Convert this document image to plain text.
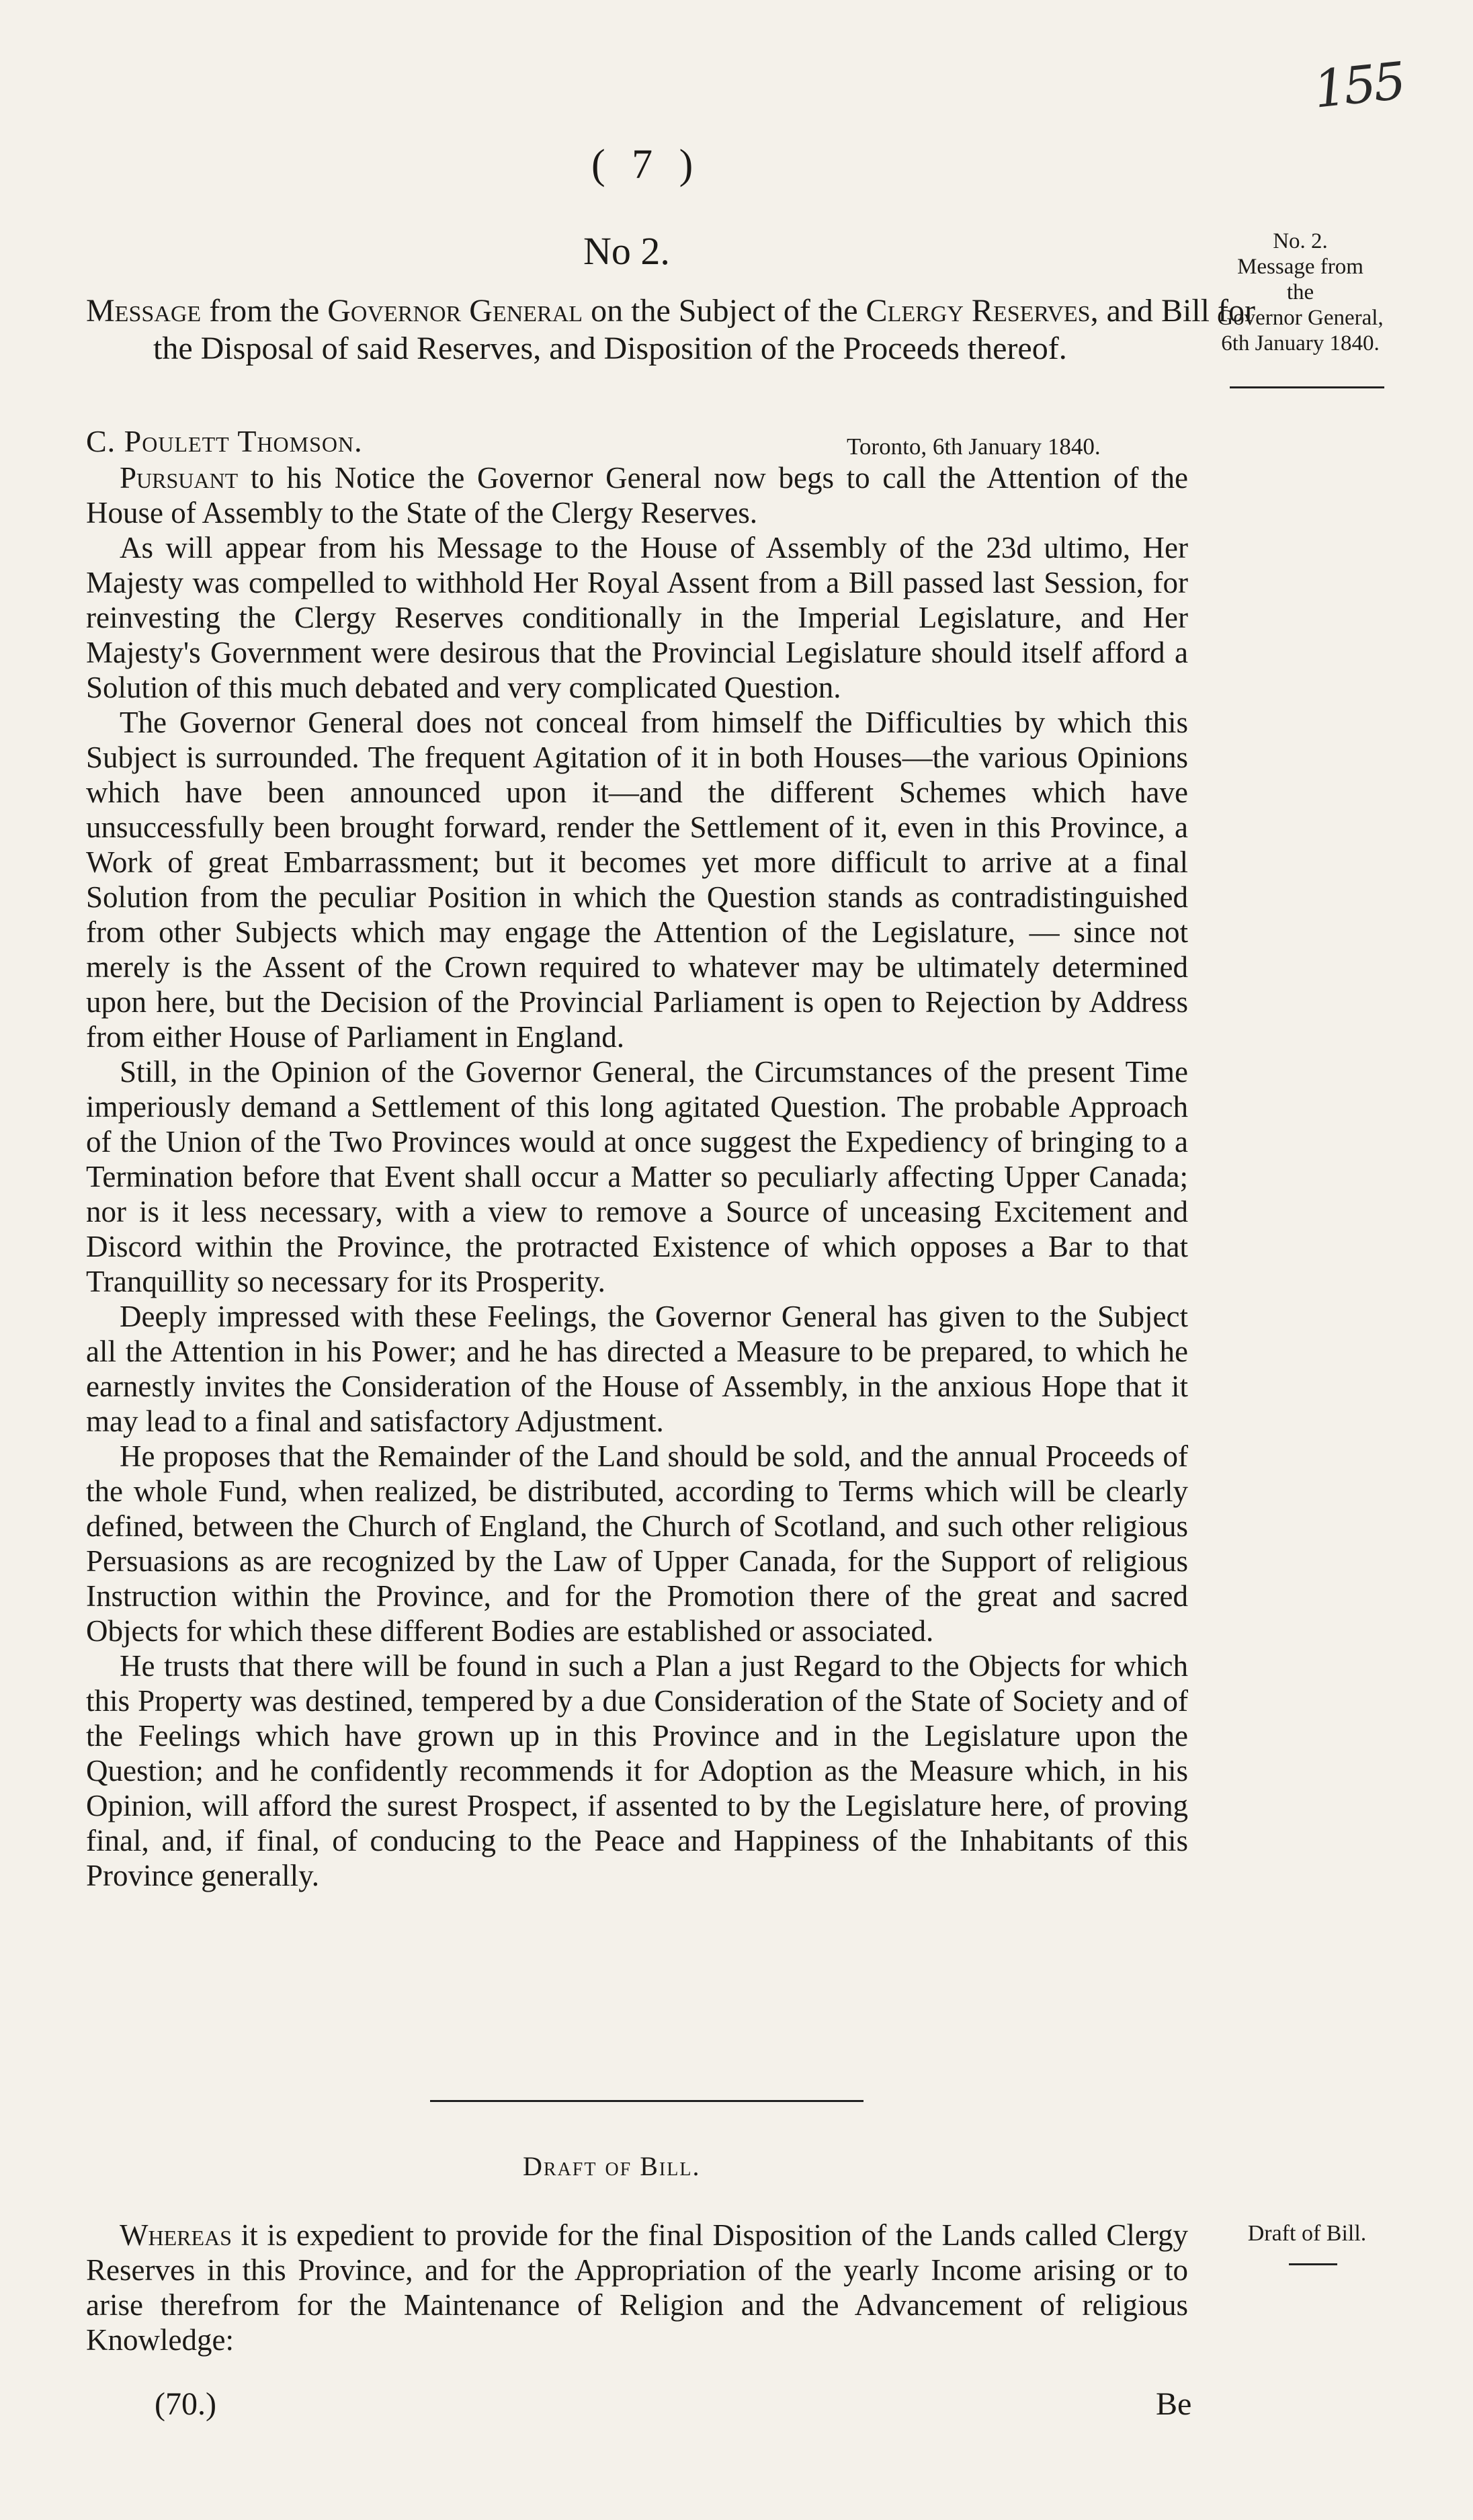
155
( 7 )
No 2.	No. 2.
Message from
the
Governor General,
6th January 1840.
Message from the Governor General on the Subject of the Clergy Reserves, and Bill for the Disposal of said Reserves, and Disposition of the Proceeds thereof.
C. Poulett Thomson.	Toronto, 6th January 1840.

Pursuant to his Notice the Governor General now begs to call the Attention of the House of Assembly to the State of the Clergy Reserves.

As will appear from his Message to the House of Assembly of the 23d ultimo, Her Majesty was compelled to withhold Her Royal Assent from a Bill passed last Session, for reinvesting the Clergy Reserves conditionally in the Imperial Legislature, and Her Majesty's Government were desirous that the Provincial Legislature should itself afford a Solution of this much debated and very complicated Question.

The Governor General does not conceal from himself the Difficulties by which this Subject is surrounded. The frequent Agitation of it in both Houses—the various Opinions which have been announced upon it—and the different Schemes which have unsuccessfully been brought forward, render the Settlement of it, even in this Province, a Work of great Embarrassment; but it becomes yet more difficult to arrive at a final Solution from the peculiar Position in which the Question stands as contradistinguished from other Subjects which may engage the Attention of the Legislature, — since not merely is the Assent of the Crown required to whatever may be ultimately determined upon here, but the Decision of the Provincial Parliament is open to Rejection by Address from either House of Parliament in England.

Still, in the Opinion of the Governor General, the Circumstances of the present Time imperiously demand a Settlement of this long agitated Question. The probable Approach of the Union of the Two Provinces would at once suggest the Expediency of bringing to a Termination before that Event shall occur a Matter so peculiarly affecting Upper Canada; nor is it less necessary, with a view to remove a Source of unceasing Excitement and Discord within the Province, the protracted Existence of which opposes a Bar to that Tranquillity so necessary for its Prosperity.

Deeply impressed with these Feelings, the Governor General has given to the Subject all the Attention in his Power; and he has directed a Measure to be prepared, to which he earnestly invites the Consideration of the House of Assembly, in the anxious Hope that it may lead to a final and satisfactory Adjustment.

He proposes that the Remainder of the Land should be sold, and the annual Proceeds of the whole Fund, when realized, be distributed, according to Terms which will be clearly defined, between the Church of England, the Church of Scotland, and such other religious Persuasions as are recognized by the Law of Upper Canada, for the Support of religious Instruction within the Province, and for the Promotion there of the great and sacred Objects for which these different Bodies are established or associated.

He trusts that there will be found in such a Plan a just Regard to the Objects for which this Property was destined, tempered by a due Consideration of the State of Society and of the Feelings which have grown up in this Province and in the Legislature upon the Question; and he confidently recommends it for Adoption as the Measure which, in his Opinion, will afford the surest Prospect, if assented to by the Legislature here, of proving final, and, if final, of conducing to the Peace and Happiness of the Inhabitants of this Province generally.

Draft of Bill.

Whereas it is expedient to provide for the final Disposition of the Lands called Clergy Reserves in this Province, and for the Appropriation of the yearly Income arising or to arise therefrom for the Maintenance of Religion and the Advancement of religious Knowledge:

Draft of Bill.
(70.)	Be
